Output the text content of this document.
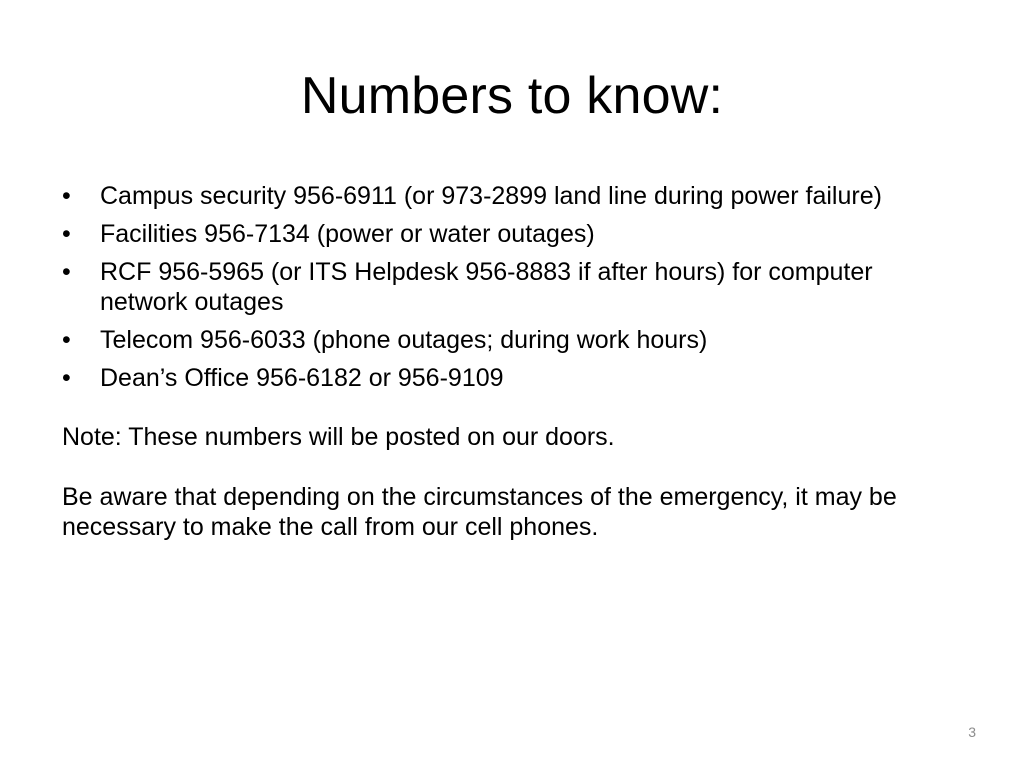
Numbers to know:
•	Campus security 956-6911 (or 973-2899 land line during power failure)
•	Facilities 956-7134 (power or water outages)
•	RCF 956-5965 (or ITS Helpdesk 956-8883 if after hours) for computer network outages
•	Telecom 956-6033 (phone outages; during work hours)
•	Dean’s Office 956-6182 or 956-9109

Note: These numbers will be posted on our doors.

Be aware that depending on the circumstances of the emergency, it may be necessary to make the call from our cell phones.

3
